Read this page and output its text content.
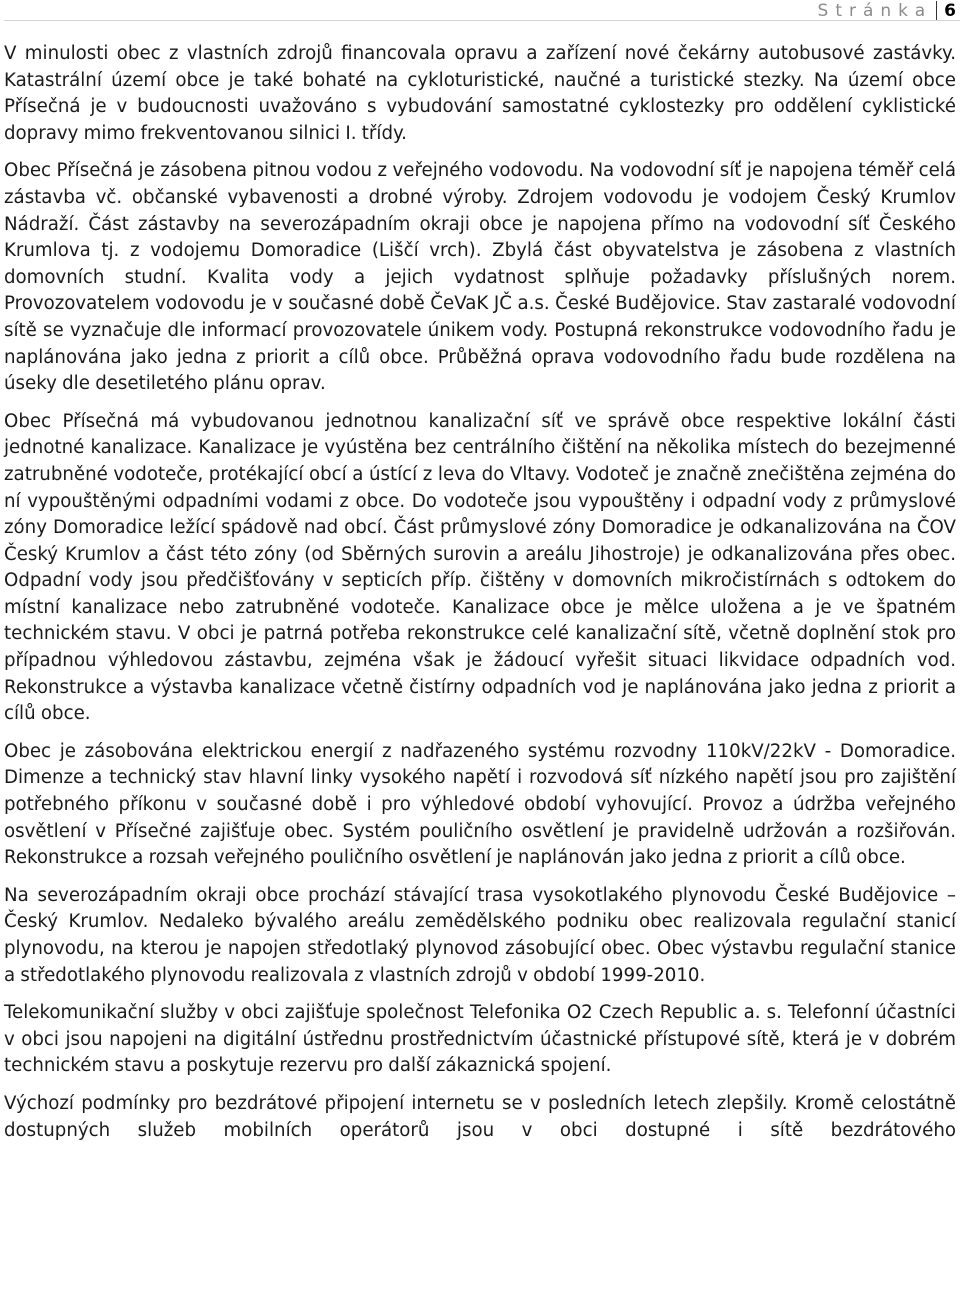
Stránka 6

V minulosti obec z vlastních zdrojů financovala opravu a zařízení nové čekárny autobusové zastávky. Katastrální území obce je také bohaté na cykloturistické, naučné a turistické stezky. Na území obce Přísečná je v budoucnosti uvažováno s vybudování samostatné cyklostezky pro oddělení cyklistické dopravy mimo frekventovanou silnici I. třídy.

Obec Přísečná je zásobena pitnou vodou z veřejného vodovodu. Na vodovodní síť je napojena téměř celá zástavba vč. občanské vybavenosti a drobné výroby. Zdrojem vodovodu je vodojem Český Krumlov Nádraží. Část zástavby na severozápadním okraji obce je napojena přímo na vodovodní síť Českého Krumlova tj. z vodojemu Domoradice (Liščí vrch). Zbylá část obyvatelstva je zásobena z vlastních domovních studní. Kvalita vody a jejich vydatnost splňuje požadavky příslušných norem. Provozovatelem vodovodu je v současné době ČeVaK JČ a.s. České Budějovice. Stav zastaralé vodovodní sítě se vyznačuje dle informací provozovatele únikem vody. Postupná rekonstrukce vodovodního řadu je naplánována jako jedna z priorit a cílů obce. Průběžná oprava vodovodního řadu bude rozdělena na úseky dle desetiletého plánu oprav.

Obec Přísečná má vybudovanou jednotnou kanalizační síť ve správě obce respektive lokální části jednotné kanalizace. Kanalizace je vyústěna bez centrálního čištění na několika místech do bezejmenné zatrubněné vodoteče, protékající obcí a ústící z leva do Vltavy. Vodoteč je značně znečištěna zejména do ní vypouštěnými odpadními vodami z obce. Do vodoteče jsou vypouštěny i odpadní vody z průmyslové zóny Domoradice ležící spádově nad obcí. Část průmyslové zóny Domoradice je odkanalizována na ČOV Český Krumlov a část této zóny (od Sběrných surovin a areálu Jihostroje) je odkanalizována přes obec. Odpadní vody jsou předčišťovány v septicích příp. čištěny v domovních mikročistírnách s odtokem do místní kanalizace nebo zatrubněné vodoteče. Kanalizace obce je mělce uložena a je ve špatném technickém stavu. V obci je patrná potřeba rekonstrukce celé kanalizační sítě, včetně doplnění stok pro případnou výhledovou zástavbu, zejména však je žádoucí vyřešit situaci likvidace odpadních vod. Rekonstrukce a výstavba kanalizace včetně čistírny odpadních vod je naplánována jako jedna z priorit a cílů obce.

Obec je zásobována elektrickou energií z nadřazeného systému rozvodny 110kV/22kV - Domoradice. Dimenze a technický stav hlavní linky vysokého napětí i rozvodová síť nízkého napětí jsou pro zajištění potřebného příkonu v současné době i pro výhledové období vyhovující. Provoz a údržba veřejného osvětlení v Přísečné zajišťuje obec. Systém pouličního osvětlení je pravidelně udržován a rozšiřován. Rekonstrukce a rozsah veřejného pouličního osvětlení je naplánován jako jedna z priorit a cílů obce.

Na severozápadním okraji obce prochází stávající trasa vysokotlakého plynovodu České Budějovice – Český Krumlov. Nedaleko bývalého areálu zemědělského podniku obec realizovala regulační stanicí plynovodu, na kterou je napojen středotlaký plynovod zásobující obec. Obec výstavbu regulační stanice a středotlakého plynovodu realizovala z vlastních zdrojů v období 1999-2010.

Telekomunikační služby v obci zajišťuje společnost Telefonika O2 Czech Republic a. s. Telefonní účastníci v obci jsou napojeni na digitální ústřednu prostřednictvím účastnické přístupové sítě, která je v dobrém technickém stavu a poskytuje rezervu pro další zákaznická spojení.

Výchozí podmínky pro bezdrátové připojení internetu se v posledních letech zlepšily. Kromě celostátně dostupných služeb mobilních operátorů jsou v obci dostupné i sítě bezdrátového
